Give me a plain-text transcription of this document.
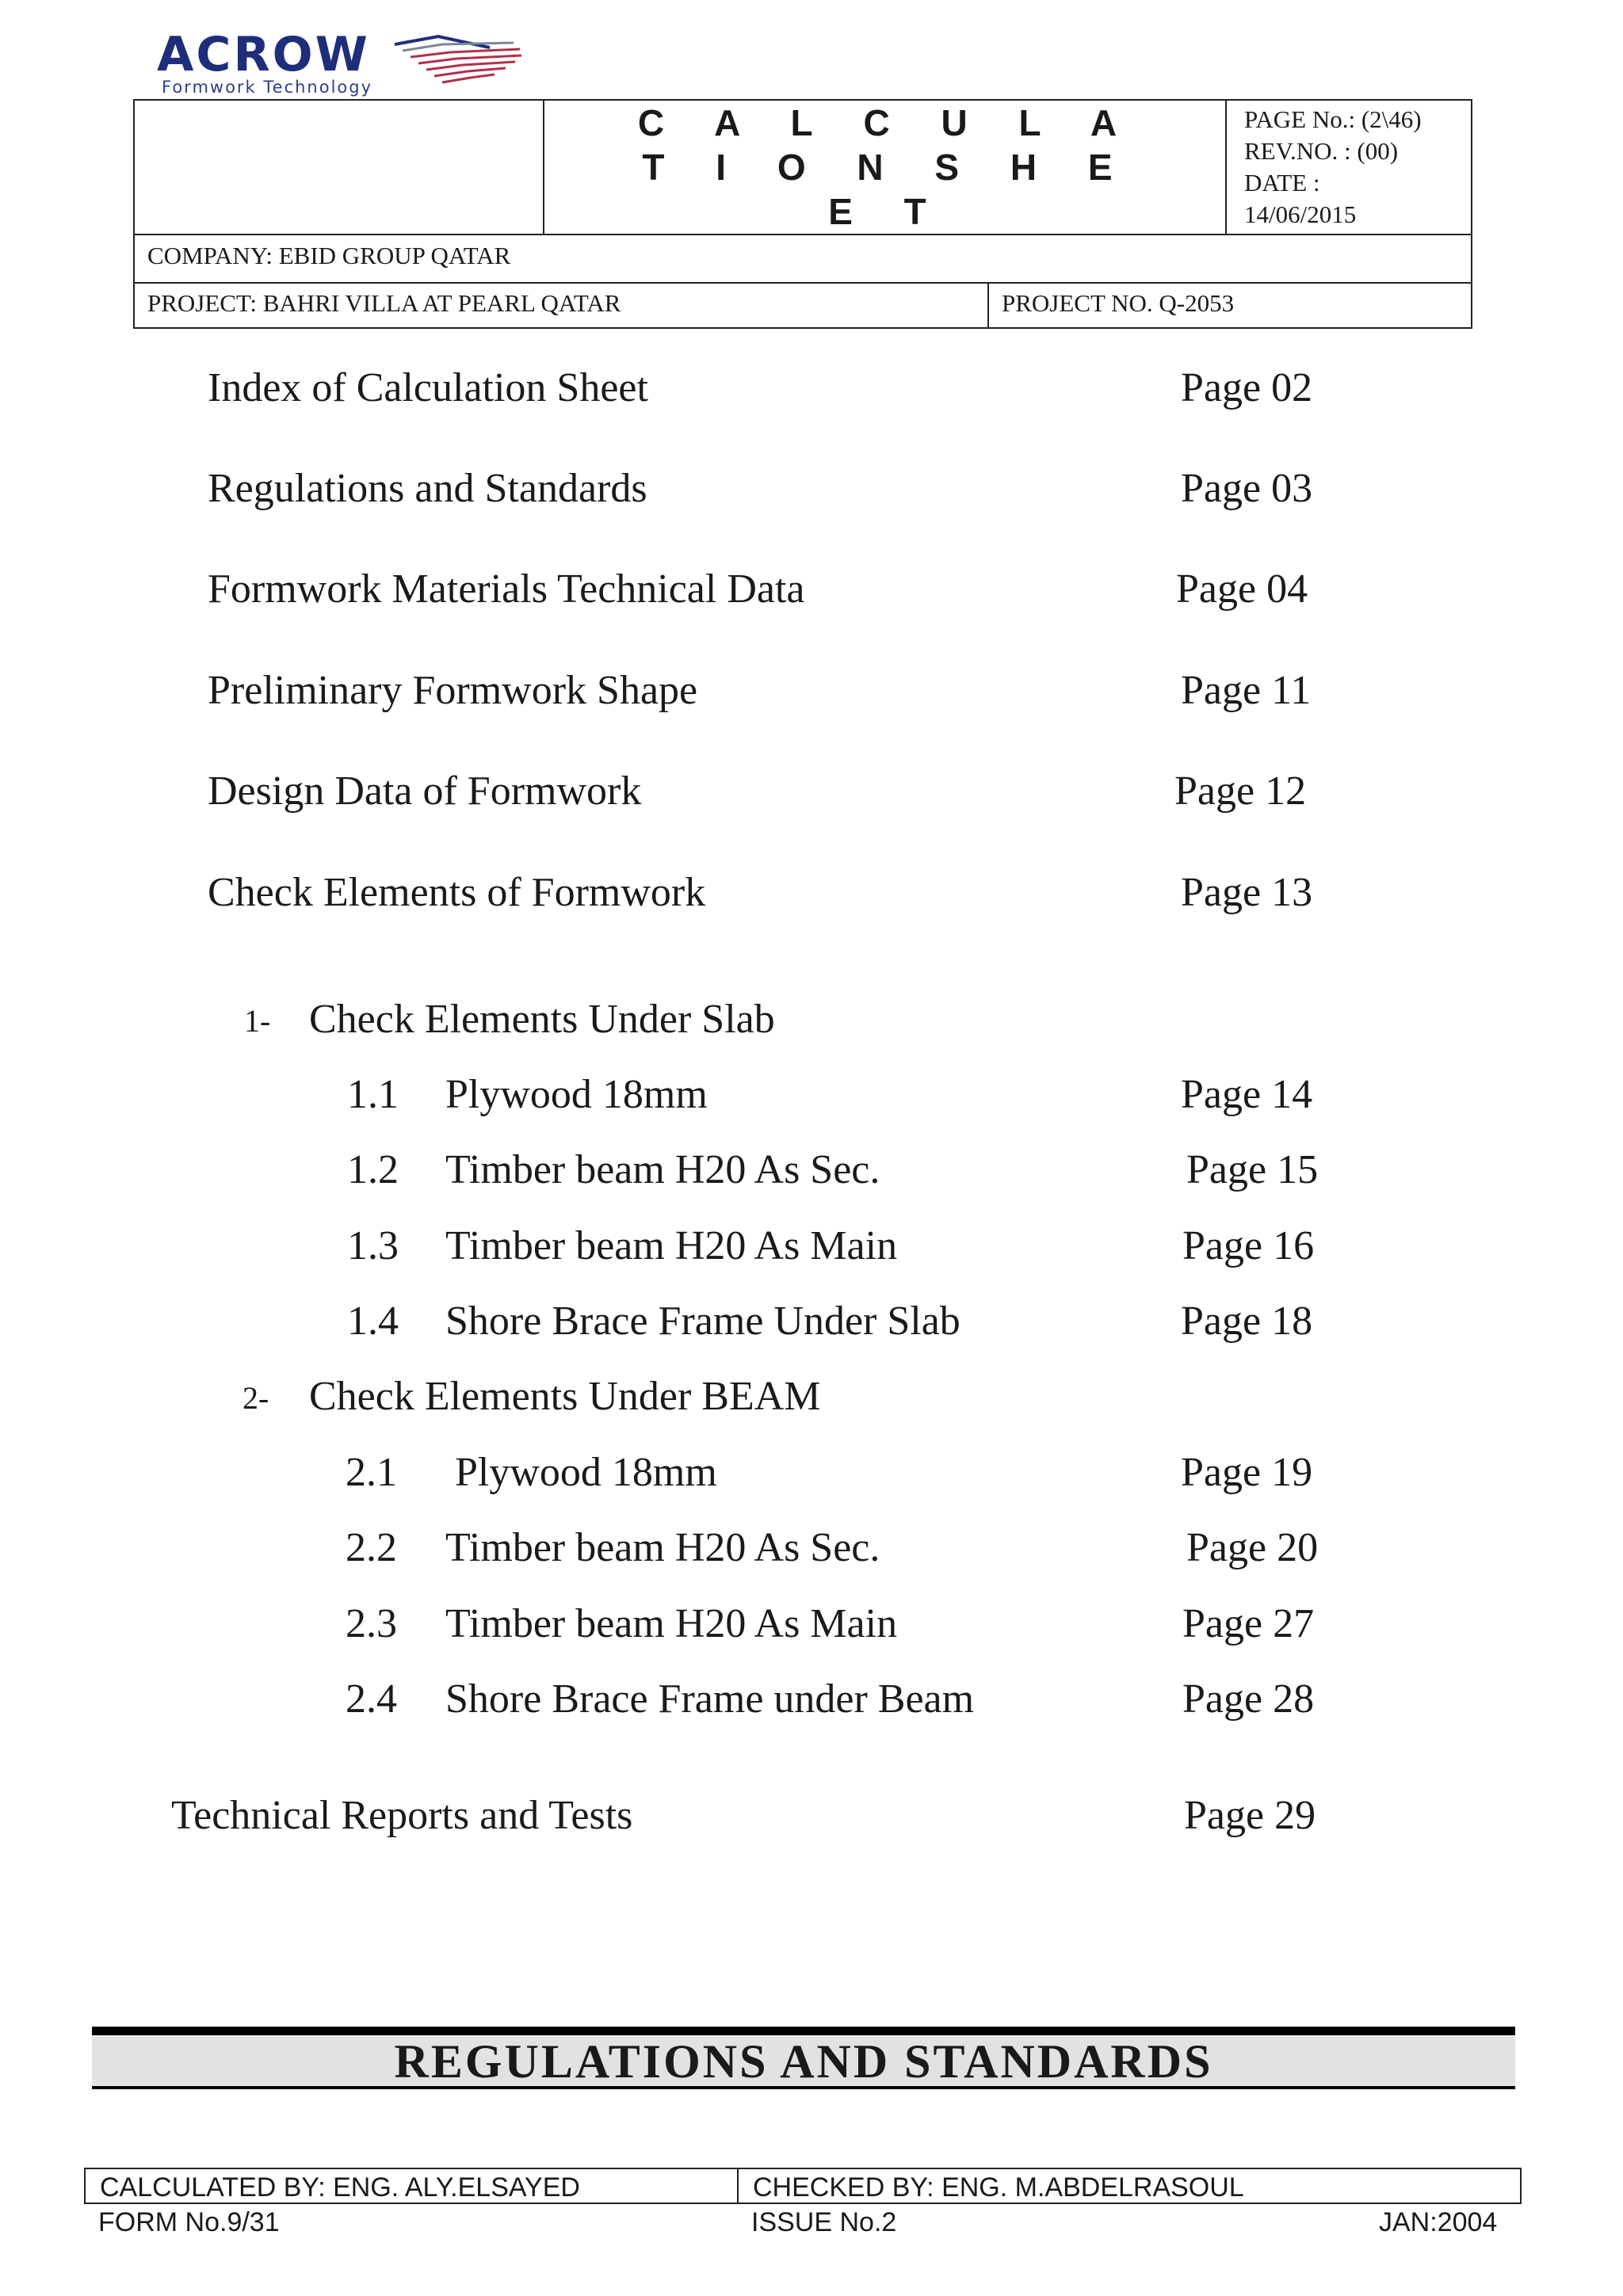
ACROW
Formwork Technology
C A L C U L A T I O N S H E E T
PAGE No.: (2\46)
REV.NO. : (00)
DATE :
14/06/2015
COMPANY: EBID GROUP QATAR
PROJECT: BAHRI VILLA AT PEARL QATAR	PROJECT NO. Q-2053
Index of Calculation Sheet	Page 02
Regulations and Standards	Page 03
Formwork Materials Technical Data	Page 04
Preliminary Formwork Shape	Page 11
Design Data of Formwork	Page 12
Check Elements of Formwork	Page 13
1- Check Elements Under Slab
1.1 Plywood 18mm	Page 14
1.2 Timber beam H20 As Sec.	Page 15
1.3 Timber beam H20 As Main	Page 16
1.4 Shore Brace Frame Under Slab	Page 18
2- Check Elements Under BEAM
2.1 Plywood 18mm	Page 19
2.2 Timber beam H20 As Sec.	Page 20
2.3 Timber beam H20 As Main	Page 27
2.4 Shore Brace Frame under Beam	Page 28
Technical Reports and Tests	Page 29
REGULATIONS AND STANDARDS
CALCULATED BY: ENG. ALY.ELSAYED	CHECKED BY: ENG. M.ABDELRASOUL
FORM No.9/31	ISSUE No.2	JAN:2004
